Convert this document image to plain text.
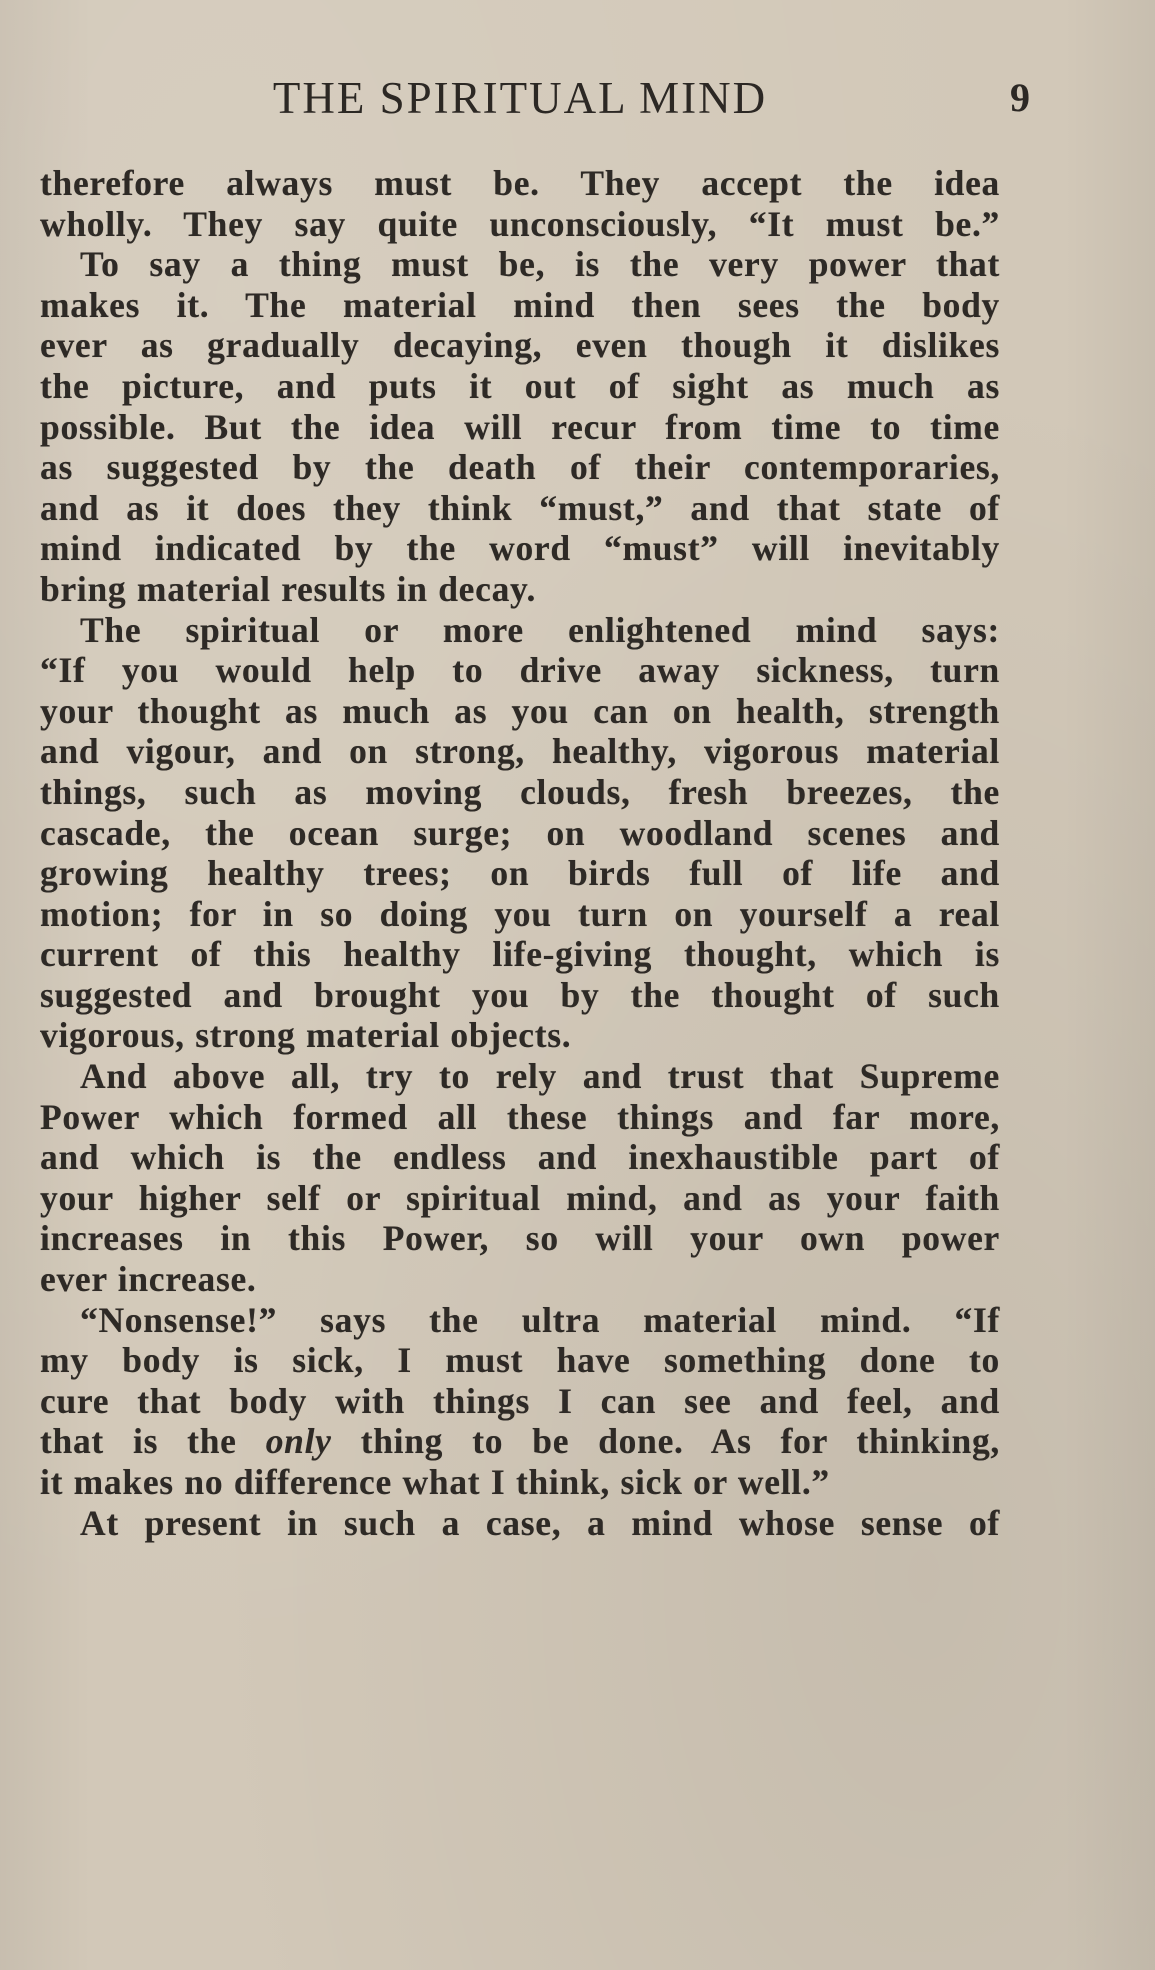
THE SPIRITUAL MIND	9
therefore always must be. They accept the idea
wholly. They say quite unconsciously, “It must be.”
To say a thing must be, is the very power that
makes it. The material mind then sees the body
ever as gradually decaying, even though it dislikes
the picture, and puts it out of sight as much as
possible. But the idea will recur from time to time
as suggested by the death of their contemporaries,
and as it does they think “must,” and that state of
mind indicated by the word “must” will inevitably
bring material results in decay.
The spiritual or more enlightened mind says:
“If you would help to drive away sickness, turn
your thought as much as you can on health, strength
and vigour, and on strong, healthy, vigorous material
things, such as moving clouds, fresh breezes, the
cascade, the ocean surge; on woodland scenes and
growing healthy trees; on birds full of life and
motion; for in so doing you turn on yourself a real
current of this healthy life-giving thought, which is
suggested and brought you by the thought of such
vigorous, strong material objects.
And above all, try to rely and trust that Supreme
Power which formed all these things and far more,
and which is the endless and inexhaustible part of
your higher self or spiritual mind, and as your faith
increases in this Power, so will your own power
ever increase.
“Nonsense!” says the ultra material mind. “If
my body is sick, I must have something done to
cure that body with things I can see and feel, and
that is the only thing to be done. As for thinking,
it makes no difference what I think, sick or well.”
At present in such a case, a mind whose sense of
